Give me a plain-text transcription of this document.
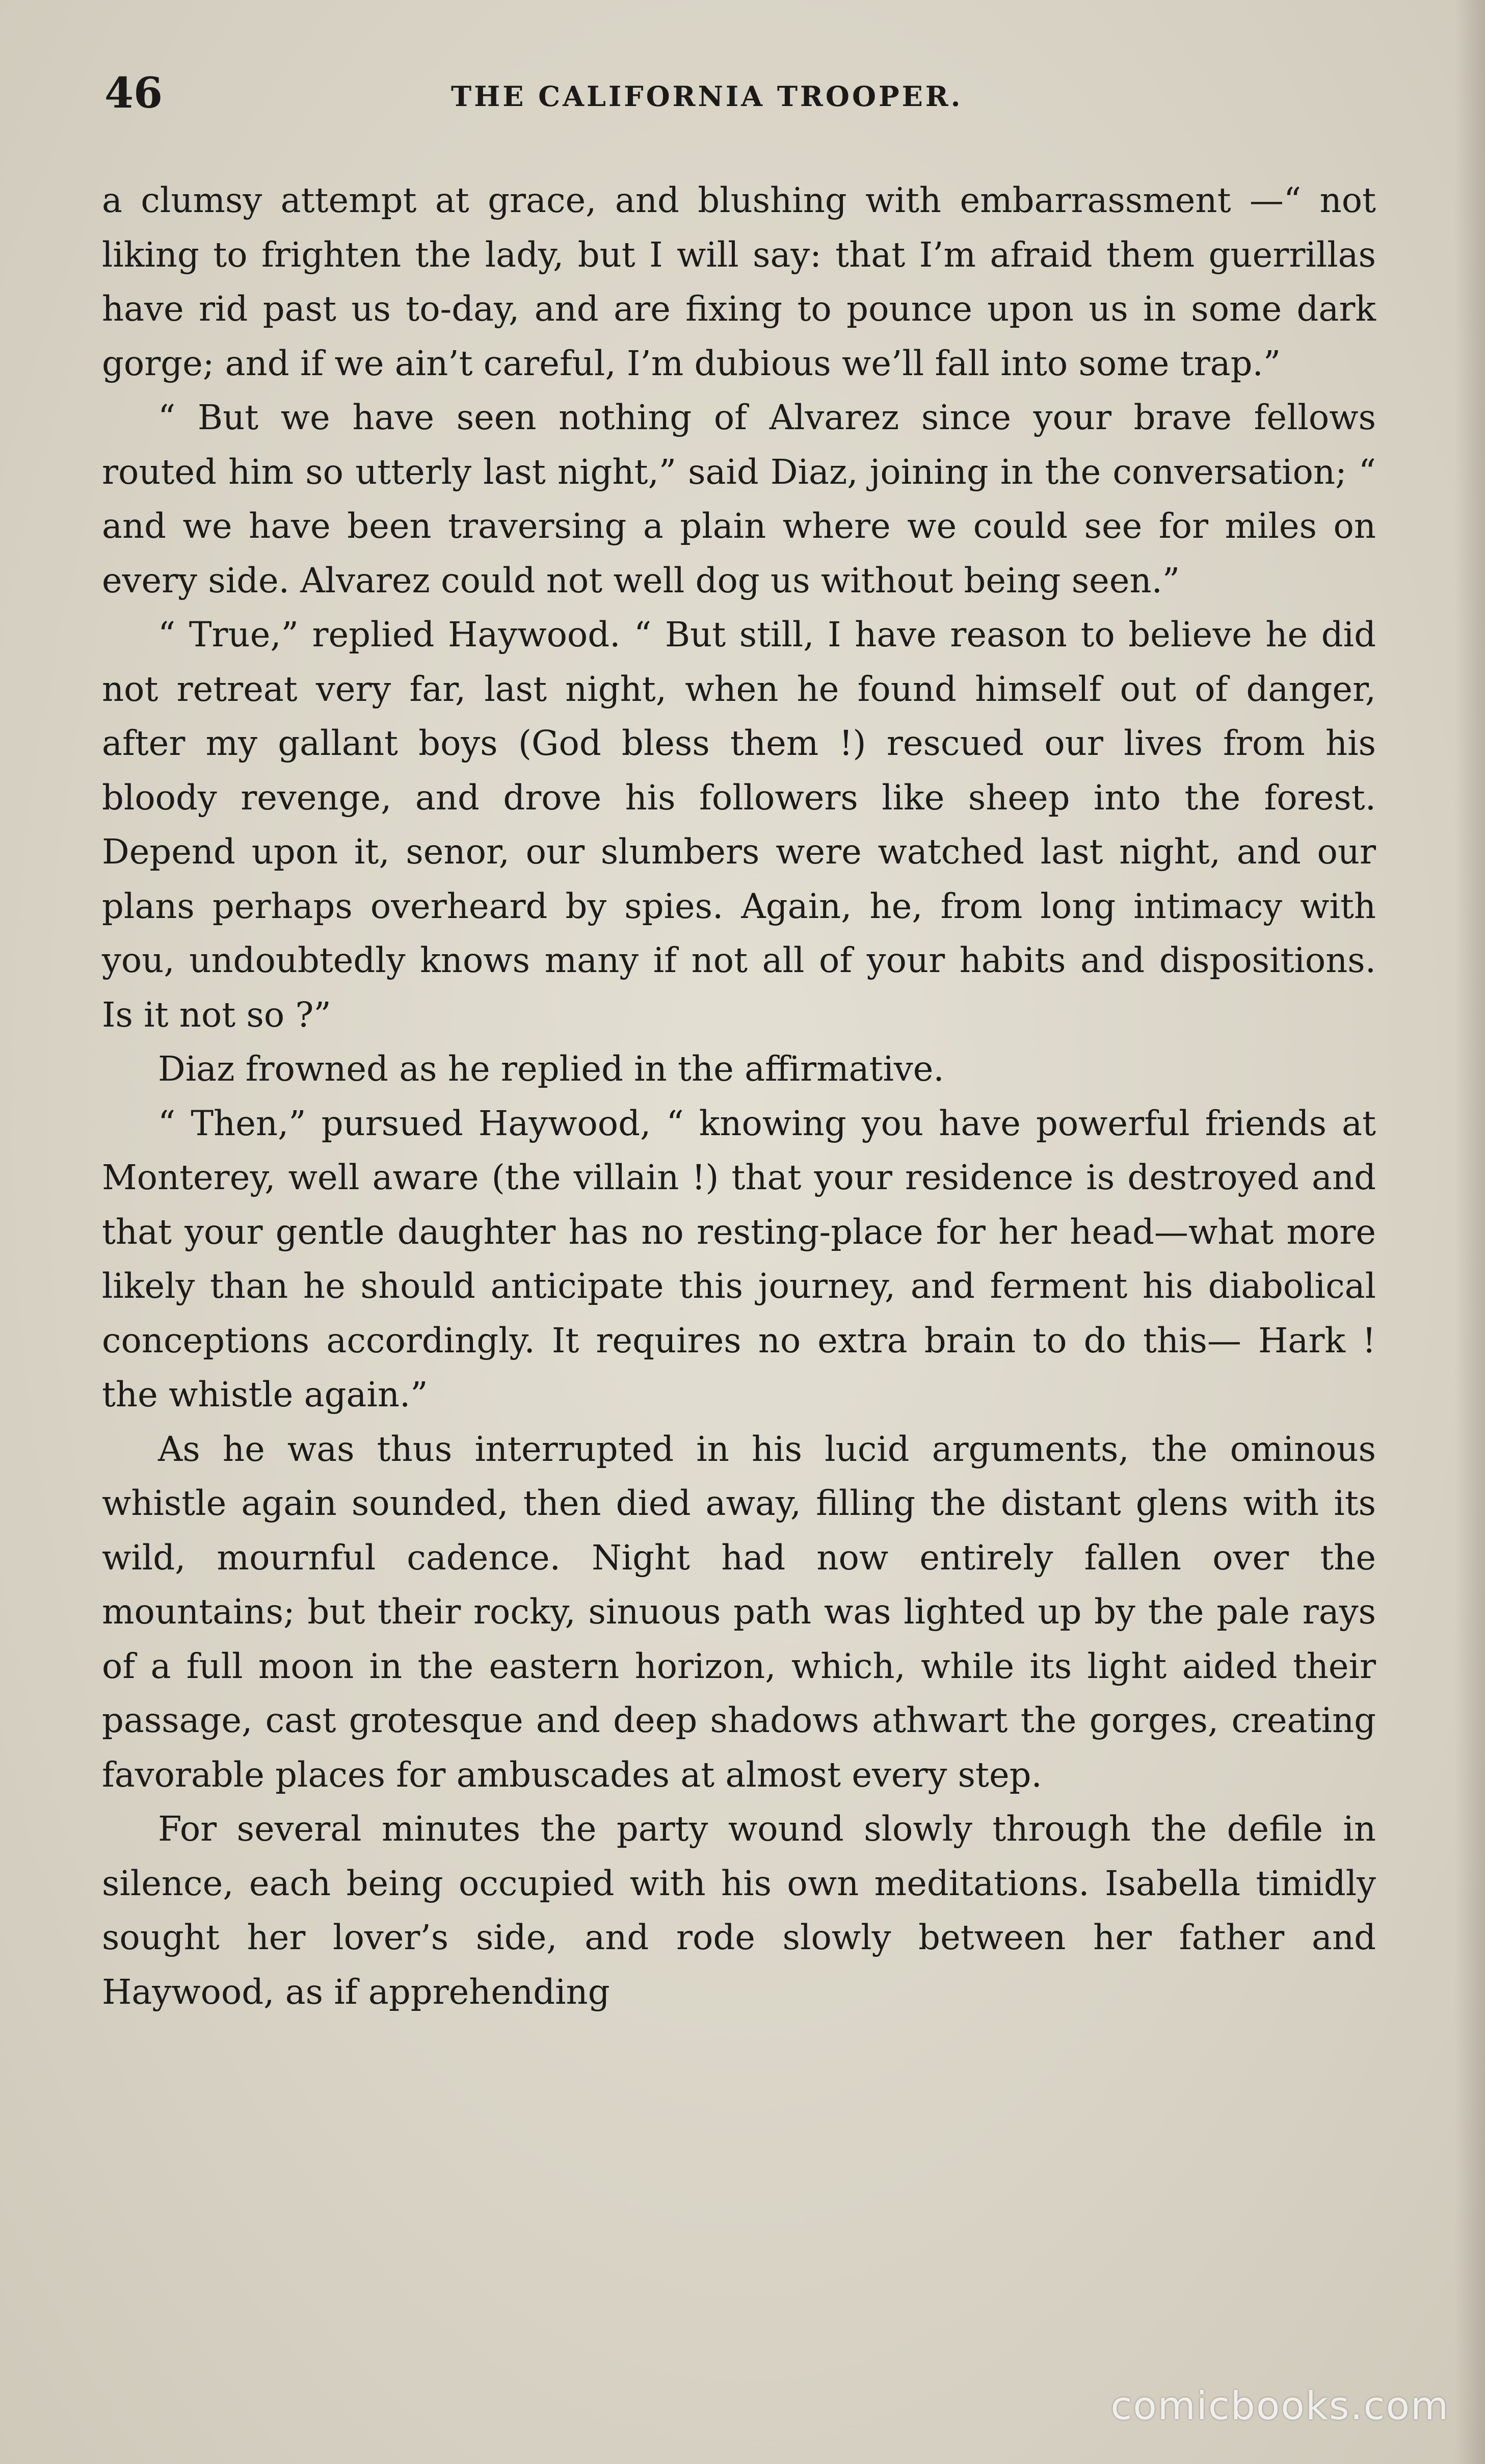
46	THE CALIFORNIA TROOPER.

a clumsy attempt at grace, and blushing with embarrassment —“ not liking to frighten the lady, but I will say: that I’m afraid them guerrillas have rid past us to-day, and are fixing to pounce upon us in some dark gorge; and if we ain’t careful, I’m dubious we’ll fall into some trap.”

“ But we have seen nothing of Alvarez since your brave fellows routed him so utterly last night,” said Diaz, joining in the conversation; “ and we have been traversing a plain where we could see for miles on every side. Alvarez could not well dog us without being seen.”

“ True,” replied Haywood. “ But still, I have reason to believe he did not retreat very far, last night, when he found himself out of danger, after my gallant boys (God bless them !) rescued our lives from his bloody revenge, and drove his followers like sheep into the forest. Depend upon it, senor, our slumbers were watched last night, and our plans perhaps overheard by spies. Again, he, from long intimacy with you, undoubtedly knows many if not all of your habits and dispositions. Is it not so ?”

Diaz frowned as he replied in the affirmative.

“ Then,” pursued Haywood, “ knowing you have powerful friends at Monterey, well aware (the villain !) that your residence is destroyed and that your gentle daughter has no resting-place for her head—what more likely than he should anticipate this journey, and ferment his diabolical conceptions accordingly. It requires no extra brain to do this— Hark ! the whistle again.”

As he was thus interrupted in his lucid arguments, the ominous whistle again sounded, then died away, filling the distant glens with its wild, mournful cadence. Night had now entirely fallen over the mountains; but their rocky, sinuous path was lighted up by the pale rays of a full moon in the eastern horizon, which, while its light aided their passage, cast grotesque and deep shadows athwart the gorges, creating favorable places for ambuscades at almost every step.

For several minutes the party wound slowly through the defile in silence, each being occupied with his own meditations. Isabella timidly sought her lover’s side, and rode slowly between her father and Haywood, as if apprehending

comicbooks.com
